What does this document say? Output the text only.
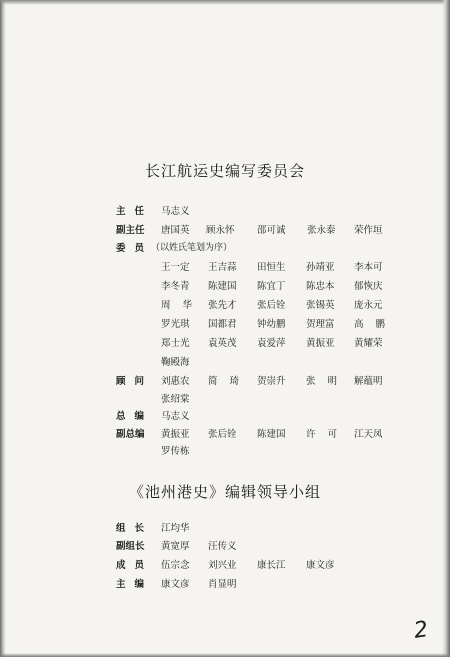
长江航运史编写委员会
主任 马志义
副主任 唐国英 顾永怀 邵可诚 张永泰 荣作垣
委员
（以姓氏笔划为序）
王一定 王吉蒜 田恒生 孙靖亚 李本可
李冬青 陈建国 陈宜丁 陈忠本 郁恢庆
周华 张先才 张后铨 张锡英 庞永元
罗光琪 国都君 钟幼鹏 贺理富 高鹏
郑士光 袁英茂 袁爱萍 黄振亚 黄耀荣
鞠殿海
顾问 刘惠农 简琦 贺崇升 张明 解蕴明
张绍棠
总编 马志义
副总编 黄振亚 张后铨 陈建国 许可 江天凤
罗传栋
《池州港史》编辑领导小组
组长 江均华
副组长 黄宽厚 汪传义
成员 伍宗念 刘兴业 康长江 康文彦
主编 康文彦 肖显明
2
